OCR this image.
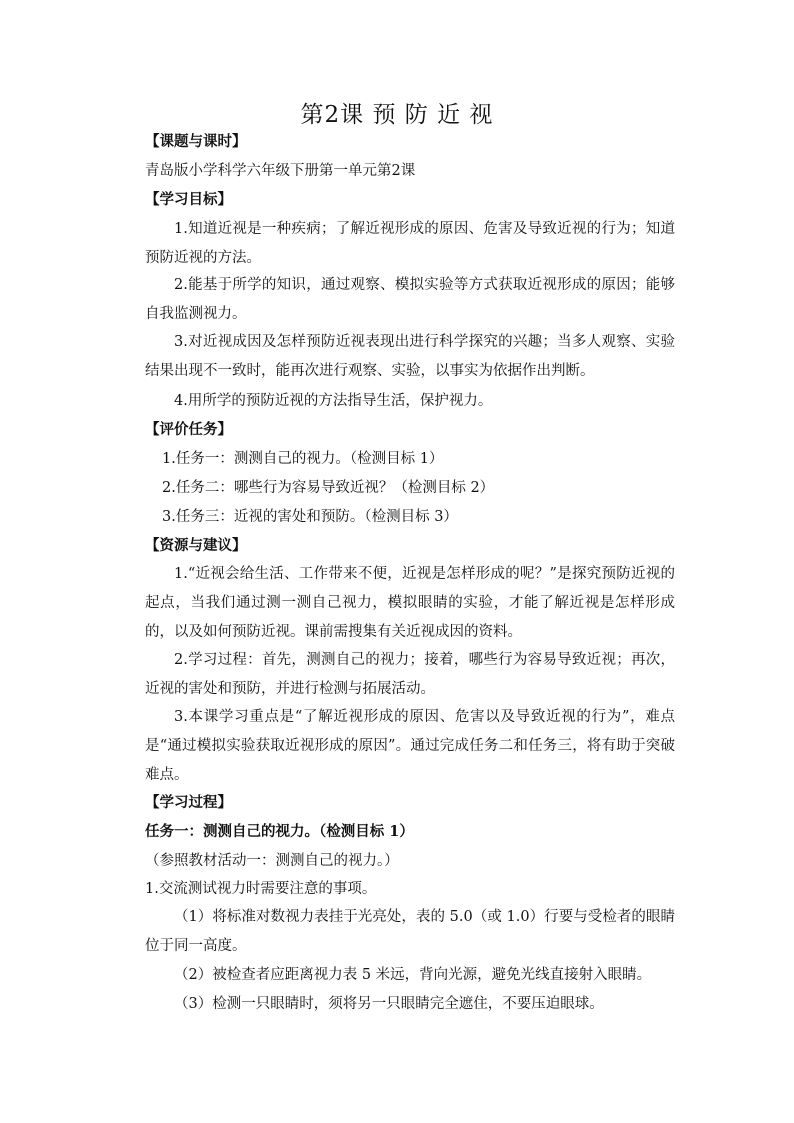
第2课 预 防 近 视
【课题与课时】
青岛版小学科学六年级下册第一单元第2课
【学习目标】
1.知道近视是一种疾病；了解近视形成的原因、危害及导致近视的行为；知道预防近视的方法。
2.能基于所学的知识，通过观察、模拟实验等方式获取近视形成的原因；能够自我监测视力。
3.对近视成因及怎样预防近视表现出进行科学探究的兴趣；当多人观察、实验结果出现不一致时，能再次进行观察、实验，以事实为依据作出判断。
4.用所学的预防近视的方法指导生活，保护视力。
【评价任务】
1.任务一：测测自己的视力。（检测目标 1）
2.任务二：哪些行为容易导致近视？（检测目标 2）
3.任务三：近视的害处和预防。（检测目标 3）
【资源与建议】
1.“近视会给生活、工作带来不便，近视是怎样形成的呢？”是探究预防近视的起点，当我们通过测一测自己视力，模拟眼睛的实验，才能了解近视是怎样形成的，以及如何预防近视。课前需搜集有关近视成因的资料。
2.学习过程：首先，测测自己的视力；接着，哪些行为容易导致近视；再次，近视的害处和预防，并进行检测与拓展活动。
3.本课学习重点是“了解近视形成的原因、危害以及导致近视的行为”，难点是“通过模拟实验获取近视形成的原因”。通过完成任务二和任务三，将有助于突破难点。
【学习过程】
任务一：测测自己的视力。（检测目标 1）
（参照教材活动一：测测自己的视力。）
1.交流测试视力时需要注意的事项。
（1）将标准对数视力表挂于光亮处，表的 5.0（或 1.0）行要与受检者的眼睛位于同一高度。
（2）被检查者应距离视力表 5 米远，背向光源，避免光线直接射入眼睛。
（3）检测一只眼睛时，须将另一只眼睛完全遮住，不要压迫眼球。
